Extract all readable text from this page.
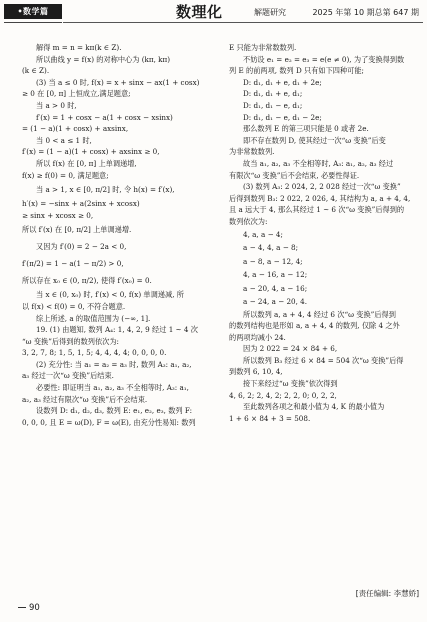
•数学篇	数理化	解题研究	2025 年第 10 期总第 647 期
解得 m = n = kπ(k ∈ Z).
所以曲线 y = f(x) 的对称中心为 (kπ, kπ)
(k ∈ Z).
(3) 当 a ≤ 0 时, f(x) = x + sinx − ax(1 + cosx)
≥ 0 在 [0, π] 上恒成立,满足题意;
当 a > 0 时,
f′(x) = 1 + cosx − a(1 + cosx − xsinx)
= (1 − a)(1 + cosx) + axsinx,
当 0 < a ≤ 1 时,
f′(x) = (1 − a)(1 + cosx) + axsinx ≥ 0,
所以 f(x) 在 [0, π] 上单调递增,
f(x) ≥ f(0) = 0, 满足题意;
当 a > 1, x ∈ [0, π/2] 时, 令 h(x) = f′(x),
h′(x) = −sinx + a(2sinx + xcosx)
≥ sinx + xcosx ≥ 0,
所以 f′(x) 在 [0, π/2] 上单调递增.
又因为 f′(0) = 2 − 2a < 0,
f′(π/2) = 1 − a(1 − π/2) > 0,
所以存在 x₀ ∈ (0, π/2), 使得 f′(x₀) = 0.
当 x ∈ (0, x₀) 时, f′(x) < 0, f(x) 单调递减, 所
以 f(x) < f(0) = 0, 不符合题意.
综上所述, a 的取值范围为 (−∞, 1].
19. (1) 由题知, 数列 A₄: 1, 4, 2, 9 经过 1 ~ 4 次
“ω 变换”后得到的数列依次为:
3, 2, 7, 8; 1, 5, 1, 5; 4, 4, 4, 4; 0, 0, 0, 0.
(2) 充分性: 当 a₁ = a₂ = a₃ 时, 数列 A₃: a₁, a₂,
a₃ 经过一次“ω 变换”后结束.
必要性: 即证明当 a₁, a₂, a₃ 不全相等时, A₃: a₁,
a₂, a₃ 经过有限次“ω 变换”后不会结束.
设数列 D: d₁, d₂, d₃, 数列 E: e₁, e₂, e₃, 数列 F:
0, 0, 0, 且 E = ω(D), F = ω(E), 由充分性易知: 数列
E 只能为非常数数列.
不妨设 e₁ = e₂ = e₃ = e(e ≠ 0), 为了变换得到数
列 E 的前两项, 数列 D 只有如下四种可能;
D: d₁, d₁ + e, d₁ + 2e;
D: d₁, d₁ + e, d₁;
D: d₁, d₁ − e, d₁;
D: d₁, d₁ − e, d₁ − 2e;
那么数列 E 的第三项只能是 0 或者 2e.
即不存在数列 D, 使其经过一次“ω 变换”后变
为非常数数列.
故当 a₁, a₂, a₃ 不全相等时, A₃: a₁, a₂, a₃ 经过
有限次“ω 变换”后不会结束, 必要性得证.
(3) 数列 A₃: 2 024, 2, 2 028 经过一次“ω 变换”
后得到数列 B₃: 2 022, 2 026, 4, 其结构为 a, a + 4, 4,
且 a 远大于 4, 那么其经过 1 ~ 6 次“ω 变换”后得到的
数列依次为:
4, a, a − 4;
a − 4, 4, a − 8;
a − 8, a − 12, 4;
4, a − 16, a − 12;
a − 20, 4, a − 16;
a − 24, a − 20, 4.
所以数列 a, a + 4, 4 经过 6 次“ω 变换”后得到
的数列结构也是形如 a, a + 4, 4 的数列, 仅除 4 之外
的两项均减小 24.
因为 2 022 = 24 × 84 + 6,
所以数列 B₃ 经过 6 × 84 = 504 次“ω 变换”后得
到数列 6, 10, 4,
接下来经过“ω 变换”依次得到
4, 6, 2; 2, 4, 2; 2, 2, 0; 0, 2, 2,
至此数列各项之和最小值为 4, K 的最小值为
1 + 6 × 84 + 3 = 508.
[责任编辑: 李慧娇]
90
